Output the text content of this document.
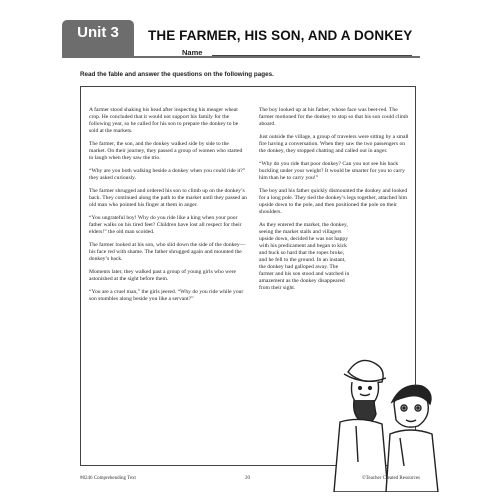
Unit 3	THE FARMER, HIS SON, AND A DONKEY
Name
Read the fable and answer the questions on the following pages.

A farmer stood shaking his head after inspecting his meager wheat crop. He concluded that it would not support his family for the following year, so he called for his son to prepare the donkey to be sold at the markets.

The farmer, the son, and the donkey walked side by side to the market. On their journey, they passed a group of women who started to laugh when they saw the trio.

“Why are you both walking beside a donkey when you could ride it?” they asked curiously.

The farmer shrugged and ordered his son to climb up on the donkey’s back. They continued along the path to the market until they passed an old man who pointed his finger at them in anger.

“You ungrateful boy! Why do you ride like a king when your poor father walks on his tired feet? Children have lost all respect for their elders!” the old man scolded.

The farmer looked at his son, who slid down the side of the donkey—his face red with shame. The father shrugged again and mounted the donkey’s back.

Moments later, they walked past a group of young girls who were astonished at the sight before them.

“You are a cruel man,” the girls jeered. “Why do you ride while your son stumbles along beside you like a servant?”

The boy looked up at his father, whose face was beet-red. The farmer motioned for the donkey to stop so that his son could climb aboard.

Just outside the village, a group of travelers were sitting by a small fire having a conversation. When they saw the two passengers on the donkey, they stopped chatting and called out in anger.

“Why do you ride that poor donkey? Can you not see his back buckling under your weight? It would be smarter for you to carry him than he to carry you!”

The boy and his father quickly dismounted the donkey and looked for a long pole. They tied the donkey’s legs together, attached him upside down to the pole, and then positioned the pole on their shoulders.

As they entered the market, the donkey, seeing the market stalls and villagers upside down, decided he was not happy with his predicament and began to kick and buck so hard that the ropes broke, and he fell to the ground. In an instant, the donkey had galloped away. The farmer and his son stood and watched in amazement as the donkey disappeared from their sight.

#8246 Comprehending Text	20	©Teacher Created Resources
